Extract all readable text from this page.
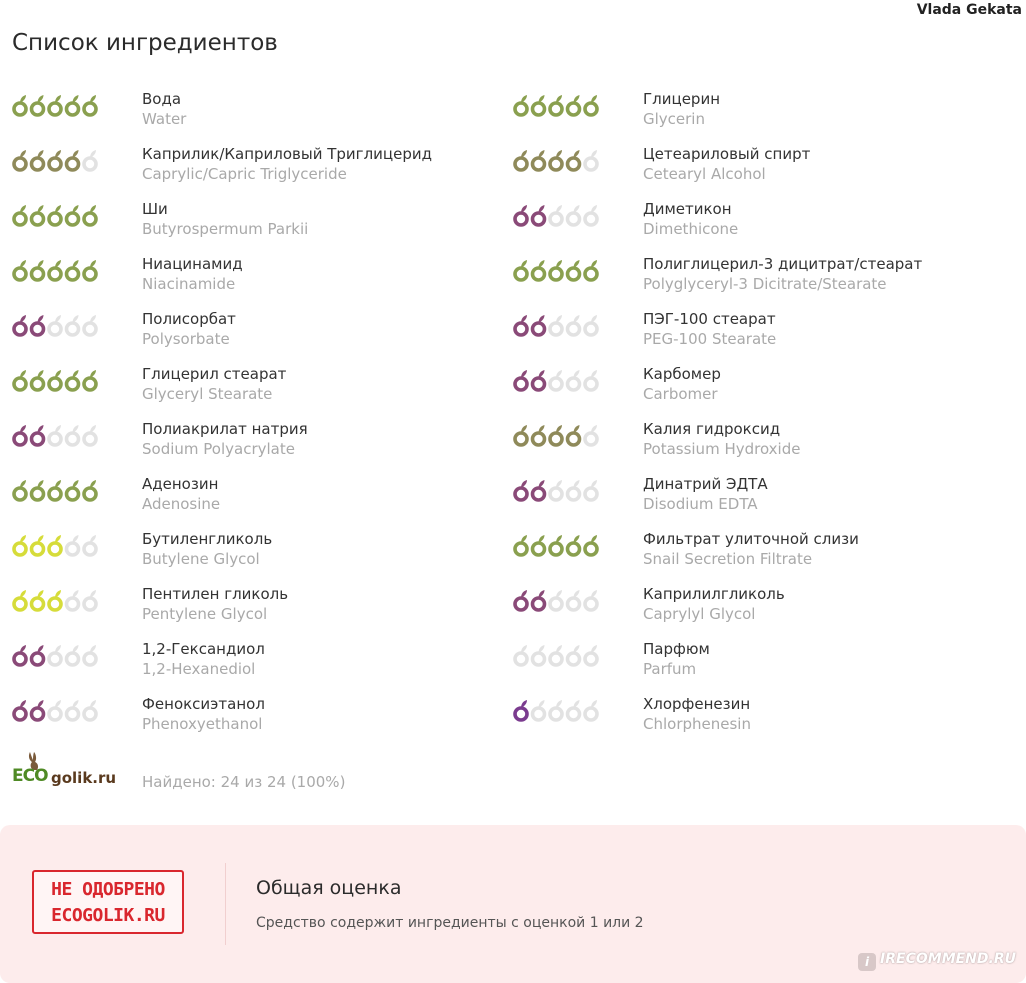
Vlada Gekata
Список ингредиентов
Вода
Water
Каприлик/Каприловый Триглицерид
Caprylic/Capric Triglyceride
Ши
Butyrospermum Parkii
Ниацинамид
Niacinamide
Полисорбат
Polysorbate
Глицерил стеарат
Glyceryl Stearate
Полиакрилат натрия
Sodium Polyacrylate
Аденозин
Adenosine
Бутиленгликоль
Butylene Glycol
Пентилен гликоль
Pentylene Glycol
1,2-Гександиол
1,2-Hexanediol
Феноксиэтанол
Phenoxyethanol
Глицерин
Glycerin
Цетеариловый спирт
Cetearyl Alcohol
Диметикон
Dimethicone
Полиглицерил-3 дицитрат/стеарат
Polyglyceryl-3 Dicitrate/Stearate
ПЭГ-100 стеарат
PEG-100 Stearate
Карбомер
Carbomer
Калия гидроксид
Potassium Hydroxide
Динатрий ЭДТА
Disodium EDTA
Фильтрат улиточной слизи
Snail Secretion Filtrate
Каприлилгликоль
Caprylyl Glycol
Парфюм
Parfum
Хлорфенезин
Chlorphenesin
ECO golik.ru Найдено: 24 из 24 (100%)
НЕ ОДОБРЕНО
ECOGOLIK.RU
Общая оценка
Средство содержит ингредиенты с оценкой 1 или 2
i IRECOMMEND.RU
